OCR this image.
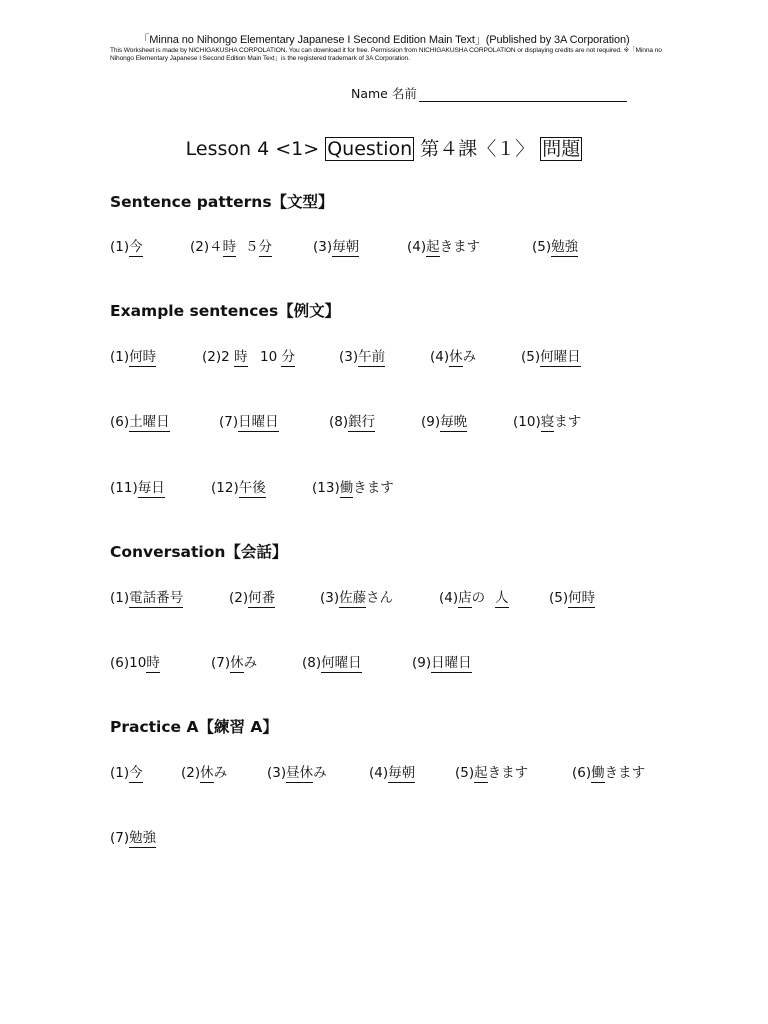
「Minna no Nihongo Elementary Japanese I Second Edition Main Text」(Published by 3A Corporation)
This Worksheet is made by NICHIGAKUSHA CORPOLATION. You can download it for free. Permission from NICHIGAKUSHA CORPOLATION or displaying credits are not required. ※「Minna no Nihongo Elementary Japanese I Second Edition Main Text」is the registered trademark of 3A Corporation.
Name 名前
Lesson 4 <1> Question 第４課〈１〉 問題
Sentence patterns【文型】
(1)今	(2)４時 ５分	(3)毎朝	(4)起きます	(5)勉強
Example sentences【例文】
(1)何時	(2)2 時 10 分	(3)午前	(4)休み	(5)何曜日
(6)土曜日	(7)日曜日	(8)銀行	(9)毎晩	(10)寝ます
(11)毎日	(12)午後	(13)働きます
Conversation【会話】
(1)電話番号	(2)何番	(3)佐藤さん	(4)店の 人	(5)何時
(6)10時	(7)休み	(8)何曜日	(9)日曜日
Practice A【練習 A】
(1)今	(2)休み	(3)昼休み	(4)毎朝	(5)起きます	(6)働きます
(7)勉強
